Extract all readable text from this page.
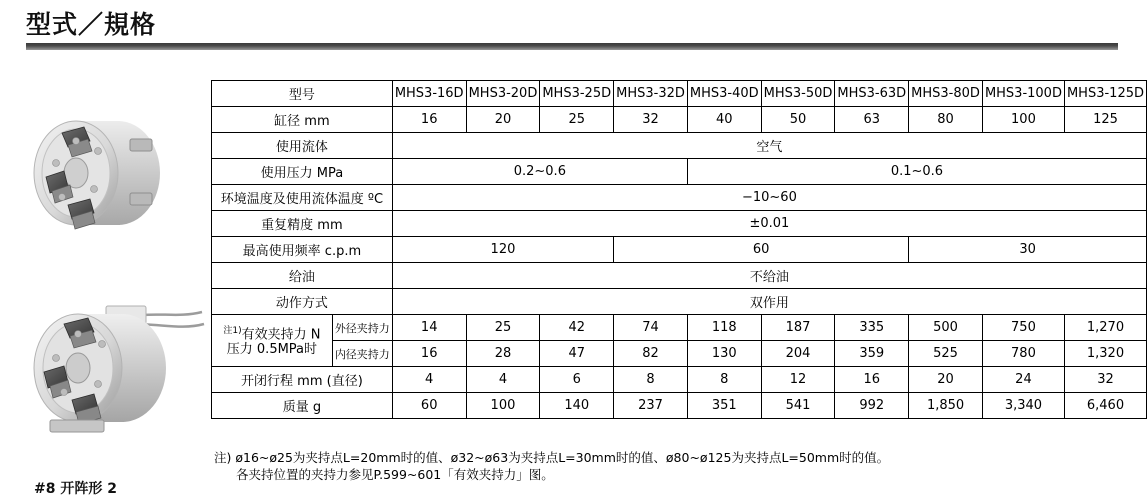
型式／規格
型号		MHS3-16D	MHS3-20D	MHS3-25D	MHS3-32D	MHS3-40D	MHS3-50D	MHS3-63D	MHS3-80D	MHS3-100D	MHS3-125D
缸径 mm		16	20	25	32	40	50	63	80	100	125
使用流体		空气									
使用压力 MPa		0.2~0.6				0.1~0.6					
环境温度及使用流体温度 ºC		−10~60									
重复精度 mm		±0.01									
最高使用频率 c.p.m		120			60				30		
给油		不给油									
动作方式		双作用									
$^{注1)}$有效夹持力 N
压力 0.5MPa时	外径夹持力	14	25	42	74	118	187	335	500	750	1,270
	内径夹持力	16	28	47	82	130	204	359	525	780	1,320
开闭行程 mm (直径)		4	4	6	8	8	12	16	20	24	32
质量 g		60	100	140	237	351	541	992	1,850	3,340	6,460
注) ø16~ø25为夹持点L=20mm时的值、ø32~ø63为夹持点L=30mm时的值、ø80~ø125为夹持点L=50mm时的值。
各夹持位置的夹持力参见P.599~601「有效夹持力」图。
#8 开阵形 2
